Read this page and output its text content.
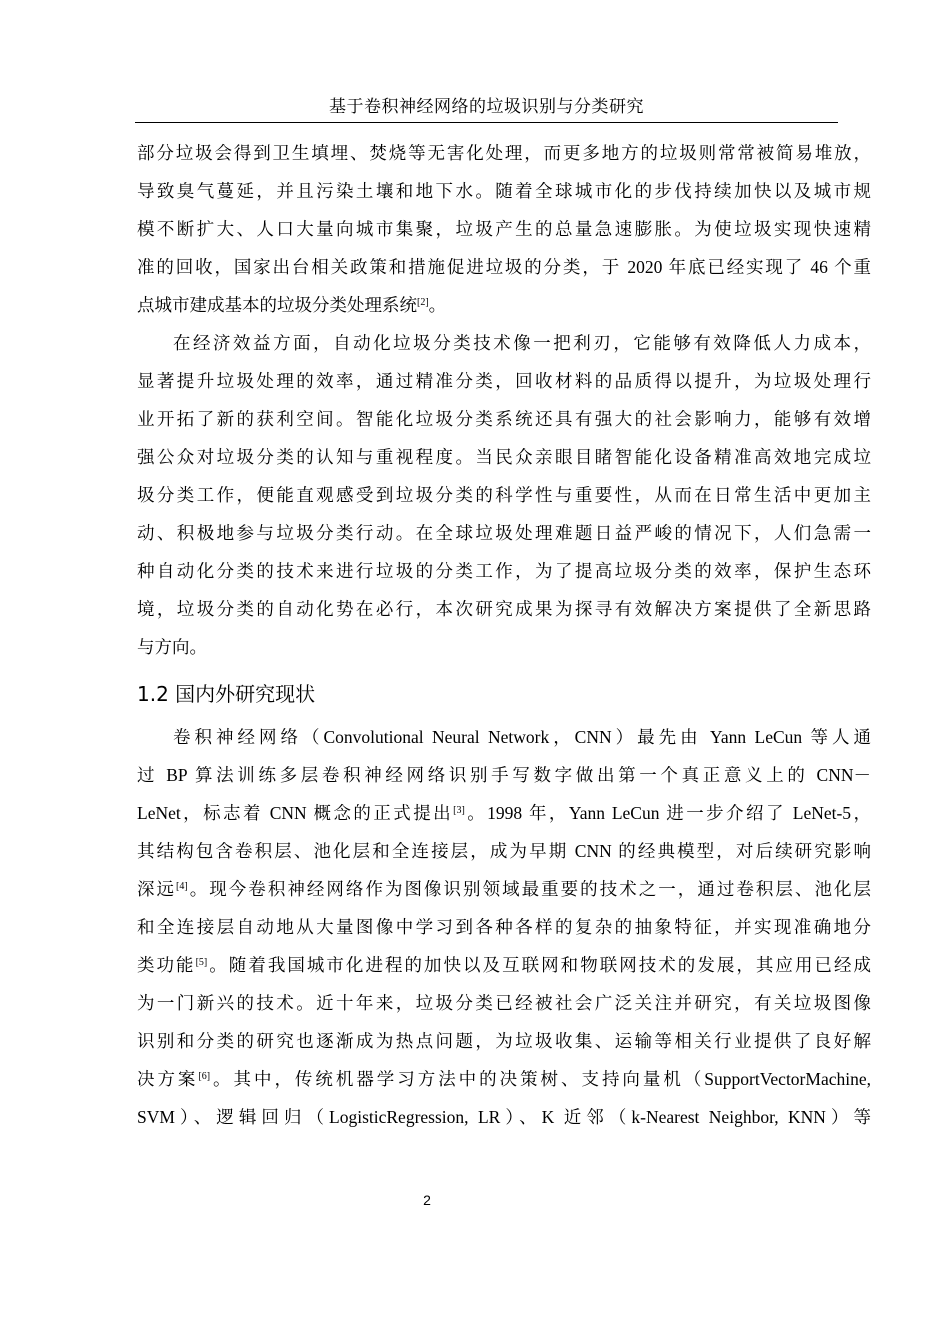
基于卷积神经网络的垃圾识别与分类研究
部分垃圾会得到卫生填埋、焚烧等无害化处理，而更多地方的垃圾则常常被简易堆放，
导致臭气蔓延，并且污染土壤和地下水。随着全球城市化的步伐持续加快以及城市规
模不断扩大、人口大量向城市集聚，垃圾产生的总量急速膨胀。为使垃圾实现快速精
准的回收，国家出台相关政策和措施促进垃圾的分类，于 2020 年底已经实现了 46 个重
点城市建成基本的垃圾分类处理系统[2]。
在经济效益方面，自动化垃圾分类技术像一把利刃，它能够有效降低人力成本，
显著提升垃圾处理的效率，通过精准分类，回收材料的品质得以提升，为垃圾处理行
业开拓了新的获利空间。智能化垃圾分类系统还具有强大的社会影响力，能够有效增
强公众对垃圾分类的认知与重视程度。当民众亲眼目睹智能化设备精准高效地完成垃
圾分类工作，便能直观感受到垃圾分类的科学性与重要性，从而在日常生活中更加主
动、积极地参与垃圾分类行动。在全球垃圾处理难题日益严峻的情况下，人们急需一
种自动化分类的技术来进行垃圾的分类工作，为了提高垃圾分类的效率，保护生态环
境，垃圾分类的自动化势在必行，本次研究成果为探寻有效解决方案提供了全新思路
与方向。
1.2 国内外研究现状
卷积神经网络（Convolutional Neural Network，CNN）最先由 Yann LeCun 等人通
过 BP 算法训练多层卷积神经网络识别手写数字做出第一个真正意义上的 CNN－
LeNet，标志着 CNN 概念的正式提出[3]。1998 年，Yann LeCun 进一步介绍了 LeNet-5，
其结构包含卷积层、池化层和全连接层，成为早期 CNN 的经典模型，对后续研究影响
深远[4]。现今卷积神经网络作为图像识别领域最重要的技术之一，通过卷积层、池化层
和全连接层自动地从大量图像中学习到各种各样的复杂的抽象特征，并实现准确地分
类功能[5]。随着我国城市化进程的加快以及互联网和物联网技术的发展，其应用已经成
为一门新兴的技术。近十年来，垃圾分类已经被社会广泛关注并研究，有关垃圾图像
识别和分类的研究也逐渐成为热点问题，为垃圾收集、运输等相关行业提供了良好解
决方案[6]。其中，传统机器学习方法中的决策树、支持向量机（SupportVectorMachine,
SVM）、逻辑回归（LogisticRegression, LR）、K 近邻（k-Nearest Neighbor, KNN）等
2
